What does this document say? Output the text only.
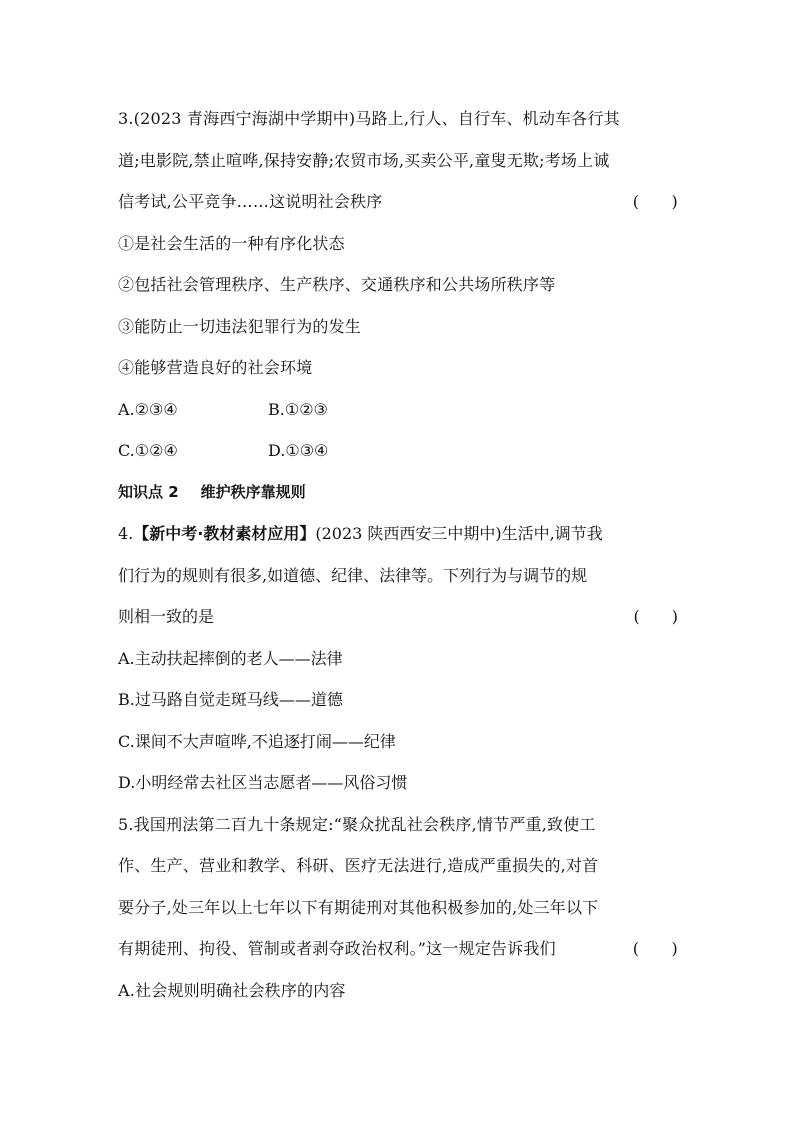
3.(2023 青海西宁海湖中学期中)马路上,行人、自行车、机动车各行其
道;电影院,禁止喧哗,保持安静;农贸市场,买卖公平,童叟无欺;考场上诚
信考试,公平竞争……这说明社会秩序	(　　)
①是社会生活的一种有序化状态
②包括社会管理秩序、生产秩序、交通秩序和公共场所秩序等
③能防止一切违法犯罪行为的发生
④能够营造良好的社会环境
A.②③④	B.①②③
C.①②④	D.①③④
知识点 2 维护秩序靠规则
4.【新中考·教材素材应用】(2023 陕西西安三中期中)生活中,调节我
们行为的规则有很多,如道德、纪律、法律等。下列行为与调节的规
则相一致的是	(　　)
A.主动扶起摔倒的老人——法律
B.过马路自觉走斑马线——道德
C.课间不大声喧哗,不追逐打闹——纪律
D.小明经常去社区当志愿者——风俗习惯
5.我国刑法第二百九十条规定:“聚众扰乱社会秩序,情节严重,致使工
作、生产、营业和教学、科研、医疗无法进行,造成严重损失的,对首
要分子,处三年以上七年以下有期徒刑对其他积极参加的,处三年以下
有期徒刑、拘役、管制或者剥夺政治权利。”这一规定告诉我们	(　　)
A.社会规则明确社会秩序的内容
